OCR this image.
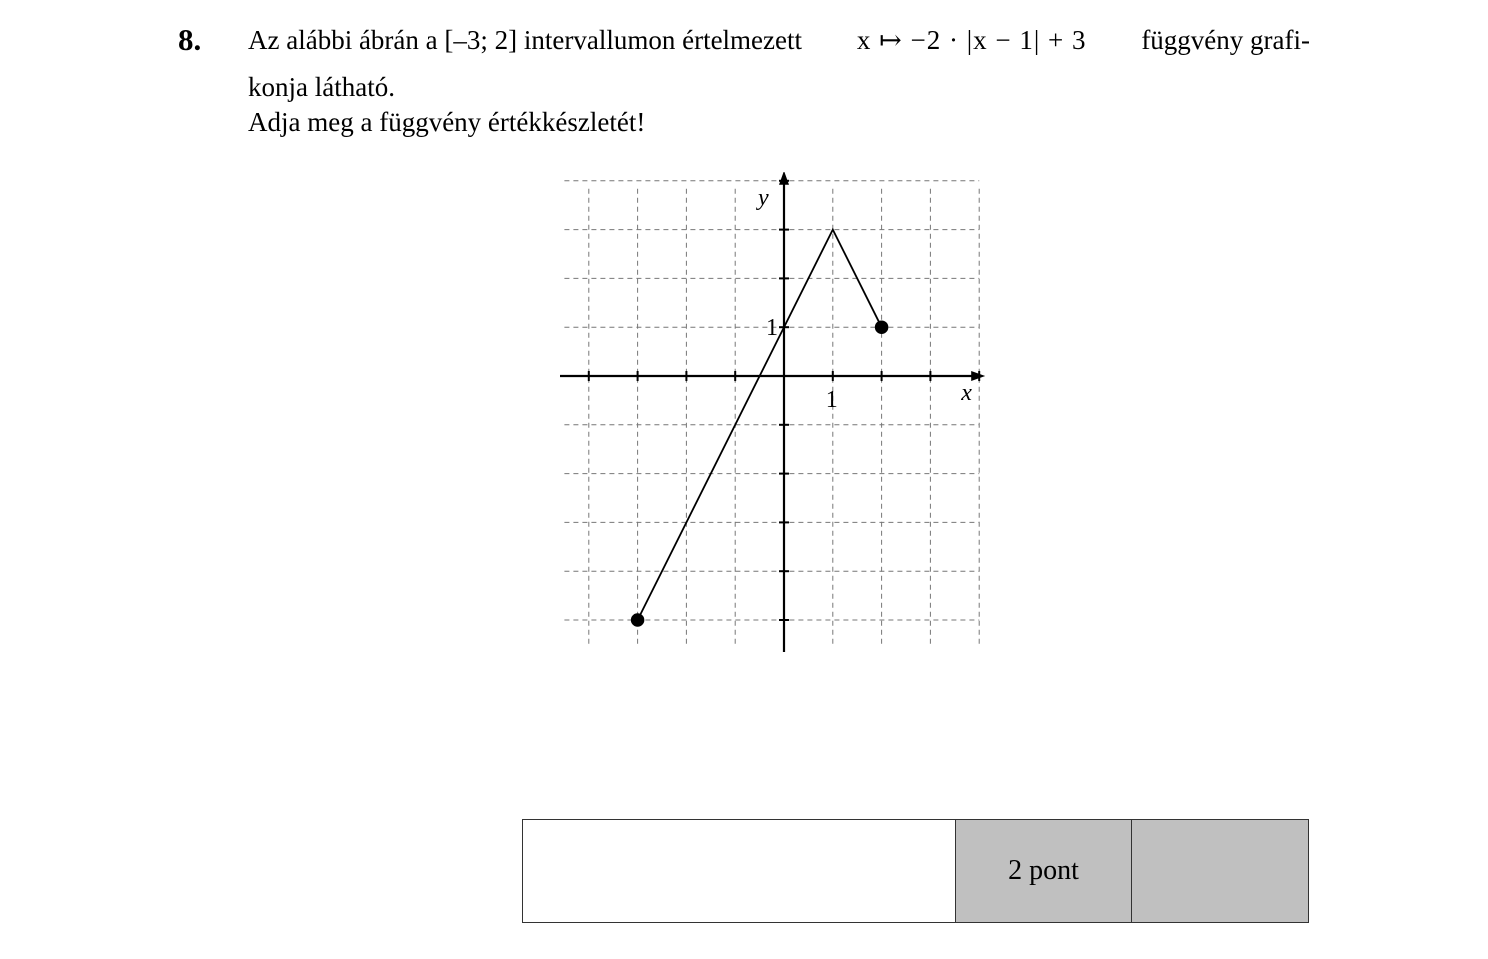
8. Az alábbi ábrán a [–3; 2] intervallumon értelmezett x ↦ −2 · |x − 1| + 3 függvény grafi-
konja látható.
Adja meg a függvény értékkészletét!
x
y
1
1
	2 pont	
